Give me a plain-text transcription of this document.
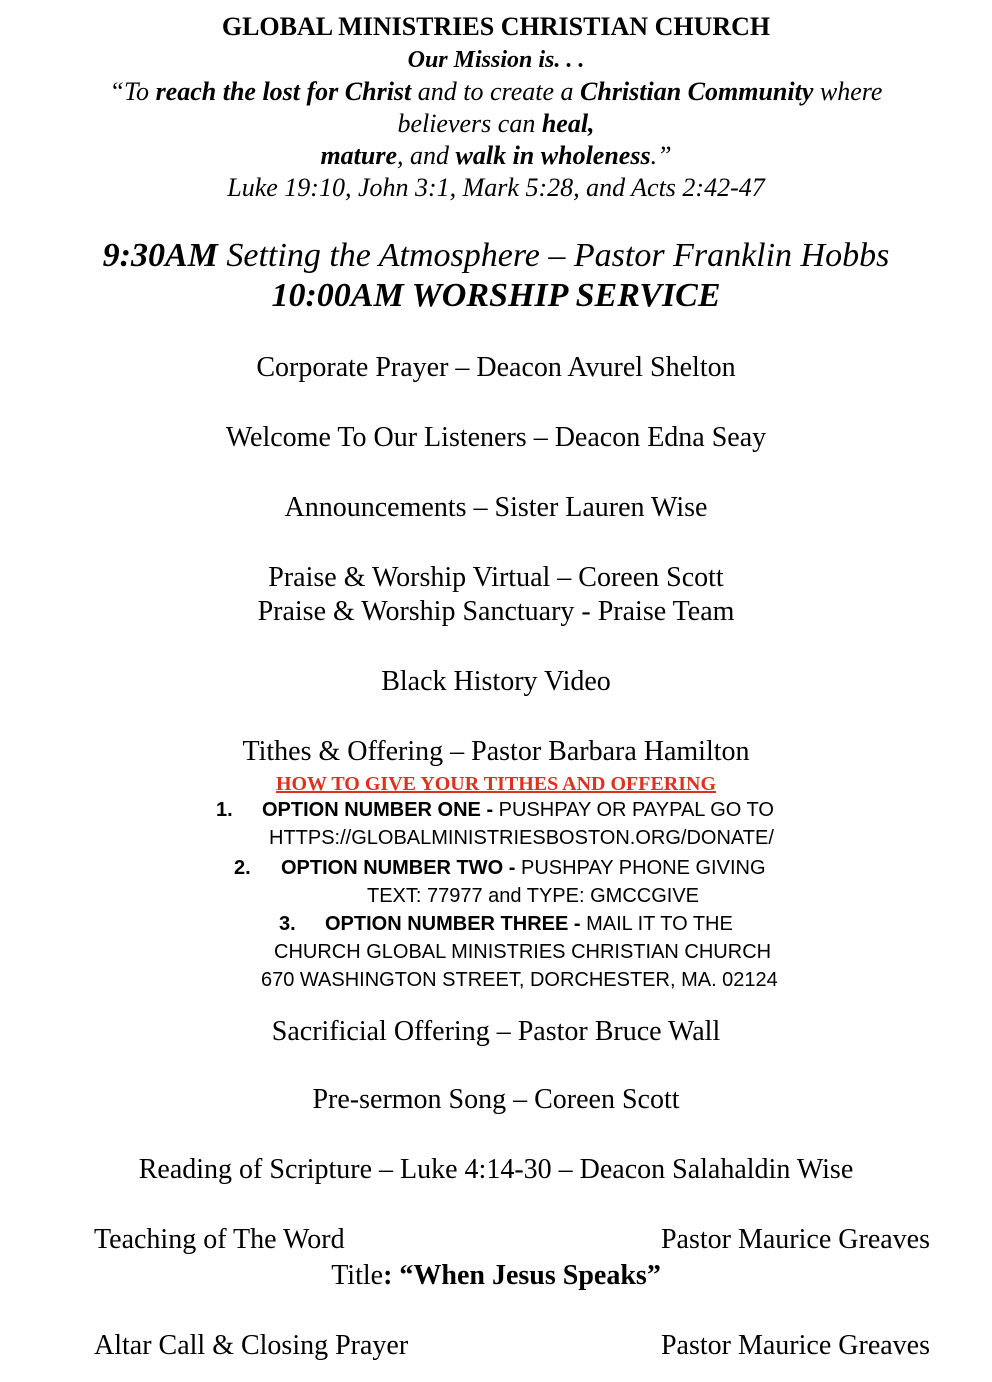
GLOBAL MINISTRIES CHRISTIAN CHURCH
Our Mission is. . .
“To reach the lost for Christ and to create a Christian Community where
believers can heal,
mature, and walk in wholeness.”
Luke 19:10, John 3:1, Mark 5:28, and Acts 2:42-47
9:30AM Setting the Atmosphere – Pastor Franklin Hobbs
10:00AM WORSHIP SERVICE
Corporate Prayer – Deacon Avurel Shelton
Welcome To Our Listeners – Deacon Edna Seay
Announcements – Sister Lauren Wise
Praise & Worship Virtual – Coreen Scott
Praise & Worship Sanctuary - Praise Team
Black History Video
Tithes & Offering – Pastor Barbara Hamilton
HOW TO GIVE YOUR TITHES AND OFFERING
1. OPTION NUMBER ONE - PUSHPAY OR PAYPAL GO TO
HTTPS://GLOBALMINISTRIESBOSTON.ORG/DONATE/
2. OPTION NUMBER TWO - PUSHPAY PHONE GIVING
TEXT: 77977 and TYPE: GMCCGIVE
3. OPTION NUMBER THREE - MAIL IT TO THE
CHURCH GLOBAL MINISTRIES CHRISTIAN CHURCH
670 WASHINGTON STREET, DORCHESTER, MA. 02124
Sacrificial Offering – Pastor Bruce Wall
Pre-sermon Song – Coreen Scott
Reading of Scripture – Luke 4:14-30 – Deacon Salahaldin Wise
Teaching of The Word	Pastor Maurice Greaves
Title: “When Jesus Speaks”
Altar Call & Closing Prayer	Pastor Maurice Greaves
